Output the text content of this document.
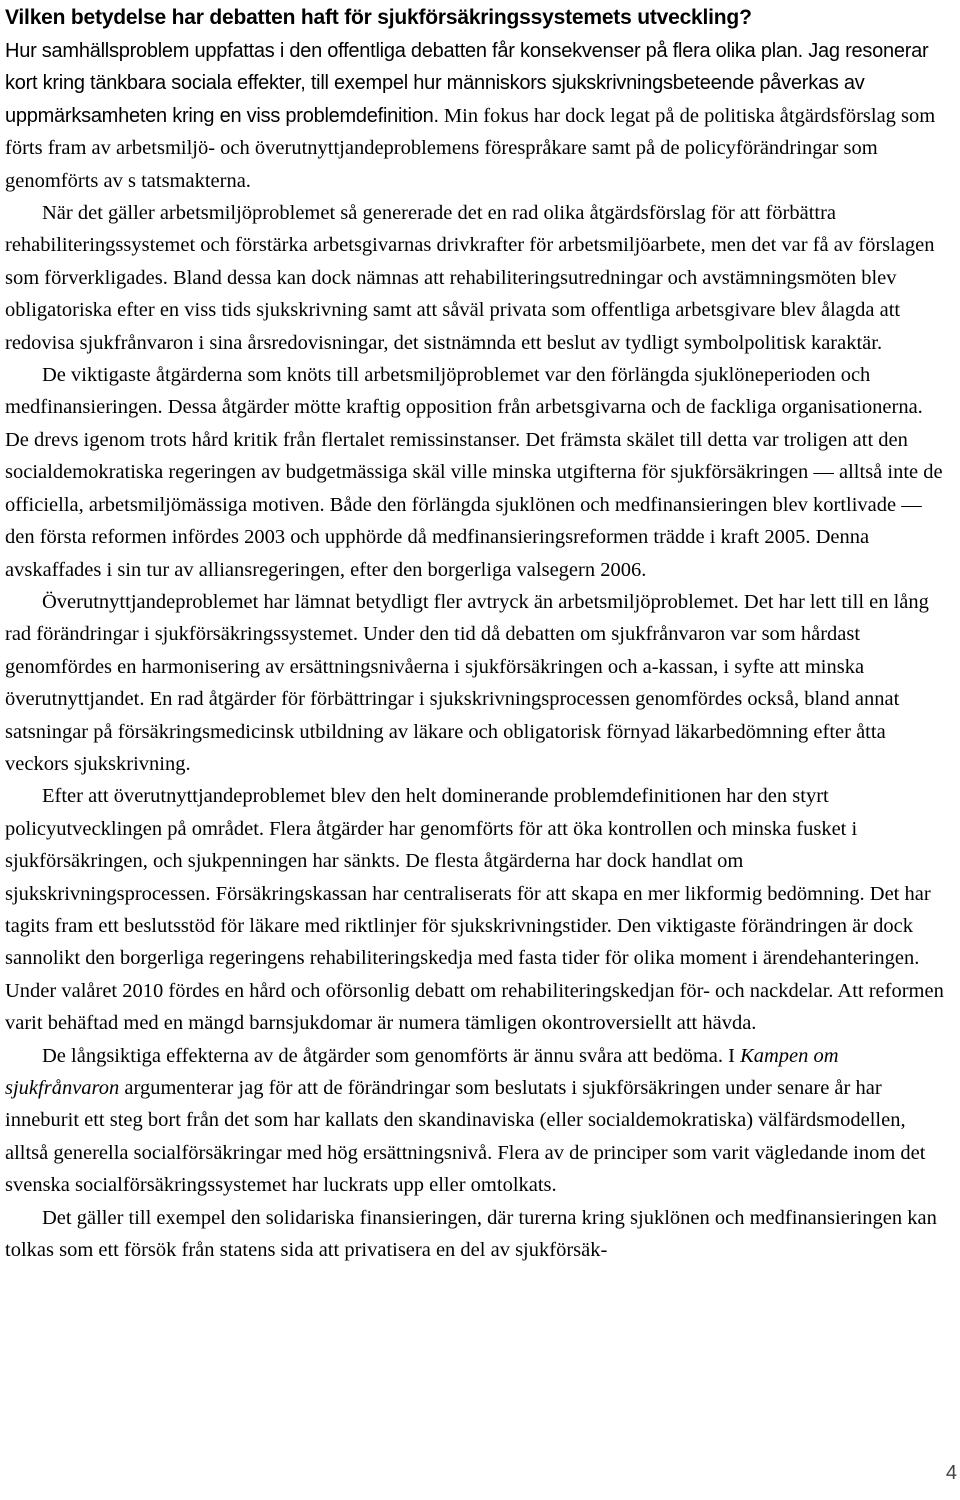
Vilken betydelse har debatten haft för sjukförsäkringssystemets utveckling?

Hur samhällsproblem uppfattas i den offentliga debatten får konsekvenser på flera olika plan. Jag resonerar kort kring tänkbara sociala effekter, till exempel hur människors sjukskrivningsbeteende påverkas av uppmärksamheten kring en viss problemdefinition. Min fokus har dock legat på de politiska åtgärdsförslag som förts fram av arbetsmiljö- och överutnyttjandeproblemens förespråkare samt på de policyförändringar som genomförts av s tatsmakterna.

När det gäller arbetsmiljöproblemet så genererade det en rad olika åtgärdsförslag för att förbättra rehabiliteringssystemet och förstärka arbetsgivarnas drivkrafter för arbetsmiljöarbete, men det var få av förslagen som förverkligades. Bland dessa kan dock nämnas att rehabiliteringsutredningar och avstämningsmöten blev obligatoriska efter en viss tids sjukskrivning samt att såväl privata som offentliga arbetsgivare blev ålagda att redovisa sjukfrånvaron i sina årsredovisningar, det sistnämnda ett beslut av tydligt symbolpolitisk karaktär.

De viktigaste åtgärderna som knöts till arbetsmiljöproblemet var den förlängda sjuklöneperioden och medfinansieringen. Dessa åtgärder mötte kraftig opposition från arbetsgivarna och de fackliga organisationerna. De drevs igenom trots hård kritik från flertalet remissinstanser. Det främsta skälet till detta var troligen att den socialdemokratiska regeringen av budgetmässiga skäl ville minska utgifterna för sjukförsäkringen — alltså inte de officiella, arbetsmiljömässiga motiven. Både den förlängda sjuklönen och medfinansieringen blev kortlivade — den första reformen infördes 2003 och upphörde då medfinansieringsreformen trädde i kraft 2005. Denna avskaffades i sin tur av alliansregeringen, efter den borgerliga valsegern 2006.

Överutnyttjandeproblemet har lämnat betydligt fler avtryck än arbetsmiljöproblemet. Det har lett till en lång rad förändringar i sjukförsäkringssystemet. Under den tid då debatten om sjukfrånvaron var som hårdast genomfördes en harmonisering av ersättningsnivåerna i sjukförsäkringen och a-kassan, i syfte att minska överutnyttjandet. En rad åtgärder för förbättringar i sjukskrivningsprocessen genomfördes också, bland annat satsningar på försäkringsmedicinsk utbildning av läkare och obligatorisk förnyad läkarbedömning efter åtta veckors sjukskrivning.

Efter att överutnyttjandeproblemet blev den helt dominerande problemdefinitionen har den styrt policyutvecklingen på området. Flera åtgärder har genomförts för att öka kontrollen och minska fusket i sjukförsäkringen, och sjukpenningen har sänkts. De flesta åtgärderna har dock handlat om sjukskrivningsprocessen. Försäkringskassan har centraliserats för att skapa en mer likformig bedömning. Det har tagits fram ett beslutsstöd för läkare med riktlinjer för sjukskrivningstider. Den viktigaste förändringen är dock sannolikt den borgerliga regeringens rehabiliteringskedja med fasta tider för olika moment i ärendehanteringen. Under valåret 2010 fördes en hård och oförsonlig debatt om rehabiliteringskedjan för- och nackdelar. Att reformen varit behäftad med en mängd barnsjukdomar är numera tämligen okontroversiellt att hävda.

De långsiktiga effekterna av de åtgärder som genomförts är ännu svåra att bedöma. I Kampen om sjukfrånvaron argumenterar jag för att de förändringar som beslutats i sjukförsäkringen under senare år har inneburit ett steg bort från det som har kallats den skandinaviska (eller socialdemokratiska) välfärdsmodellen, alltså generella socialförsäkringar med hög ersättningsnivå. Flera av de principer som varit vägledande inom det svenska socialförsäkringssystemet har luckrats upp eller omtolkats.

Det gäller till exempel den solidariska finansieringen, där turerna kring sjuklönen och medfinansieringen kan tolkas som ett försök från statens sida att privatisera en del av sjukförsäk-

4
